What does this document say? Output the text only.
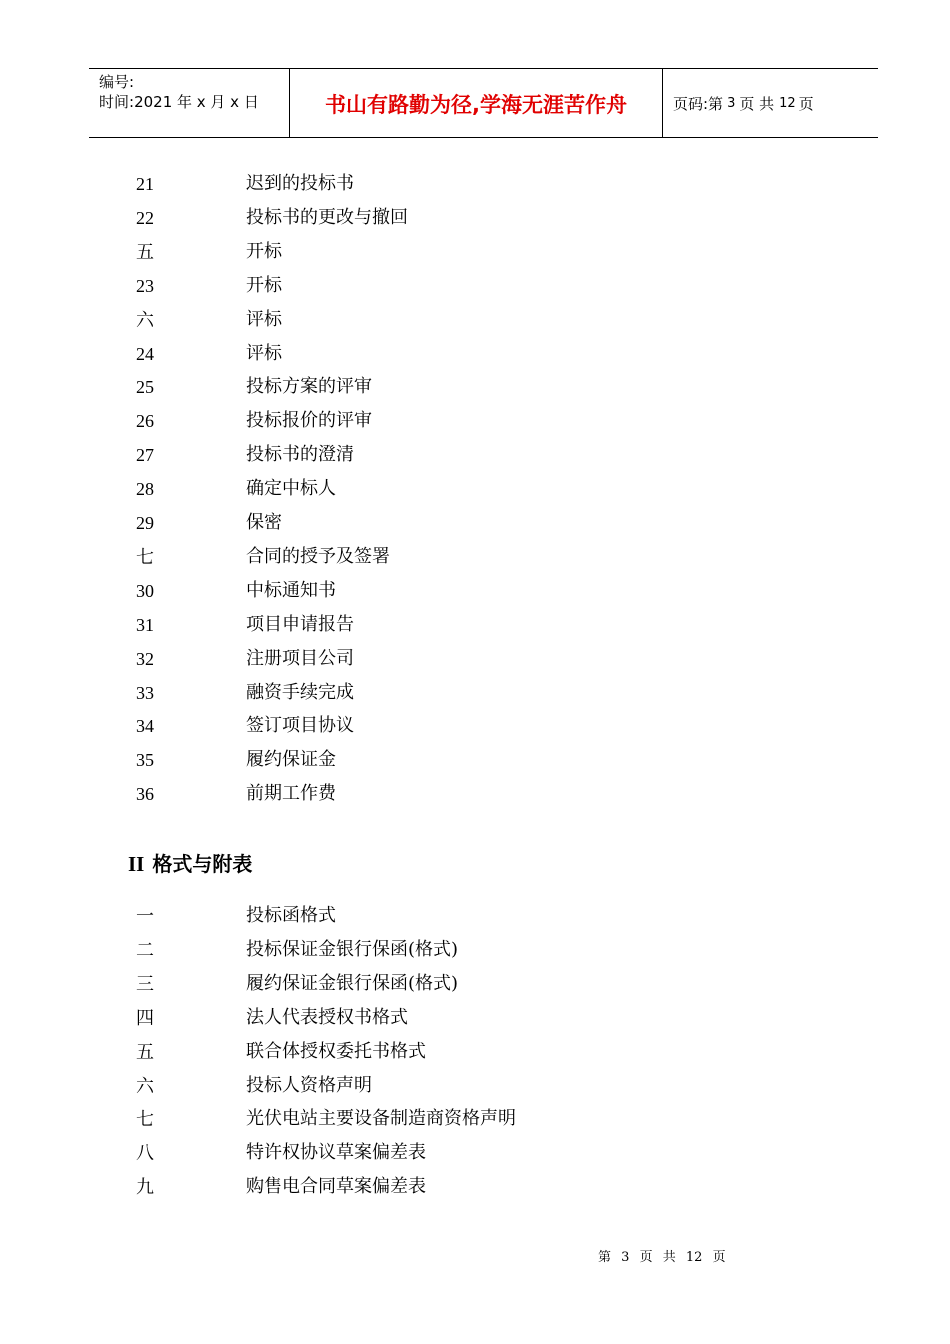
编号:
时间:2021 年 x 月 x 日	书山有路勤为径,学海无涯苦作舟	页码:第 3 页 共 12 页
21	迟到的投标书
22	投标书的更改与撤回
五	开标
23	开标
六	评标
24	评标
25	投标方案的评审
26	投标报价的评审
27	投标书的澄清
28	确定中标人
29	保密
七	合同的授予及签署
30	中标通知书
31	项目申请报告
32	注册项目公司
33	融资手续完成
34	签订项目协议
35	履约保证金
36	前期工作费
II 格式与附表
一	投标函格式
二	投标保证金银行保函(格式)
三	履约保证金银行保函(格式)
四	法人代表授权书格式
五	联合体授权委托书格式
六	投标人资格声明
七	光伏电站主要设备制造商资格声明
八	特许权协议草案偏差表
九	购售电合同草案偏差表
第 3 页 共 12 页
